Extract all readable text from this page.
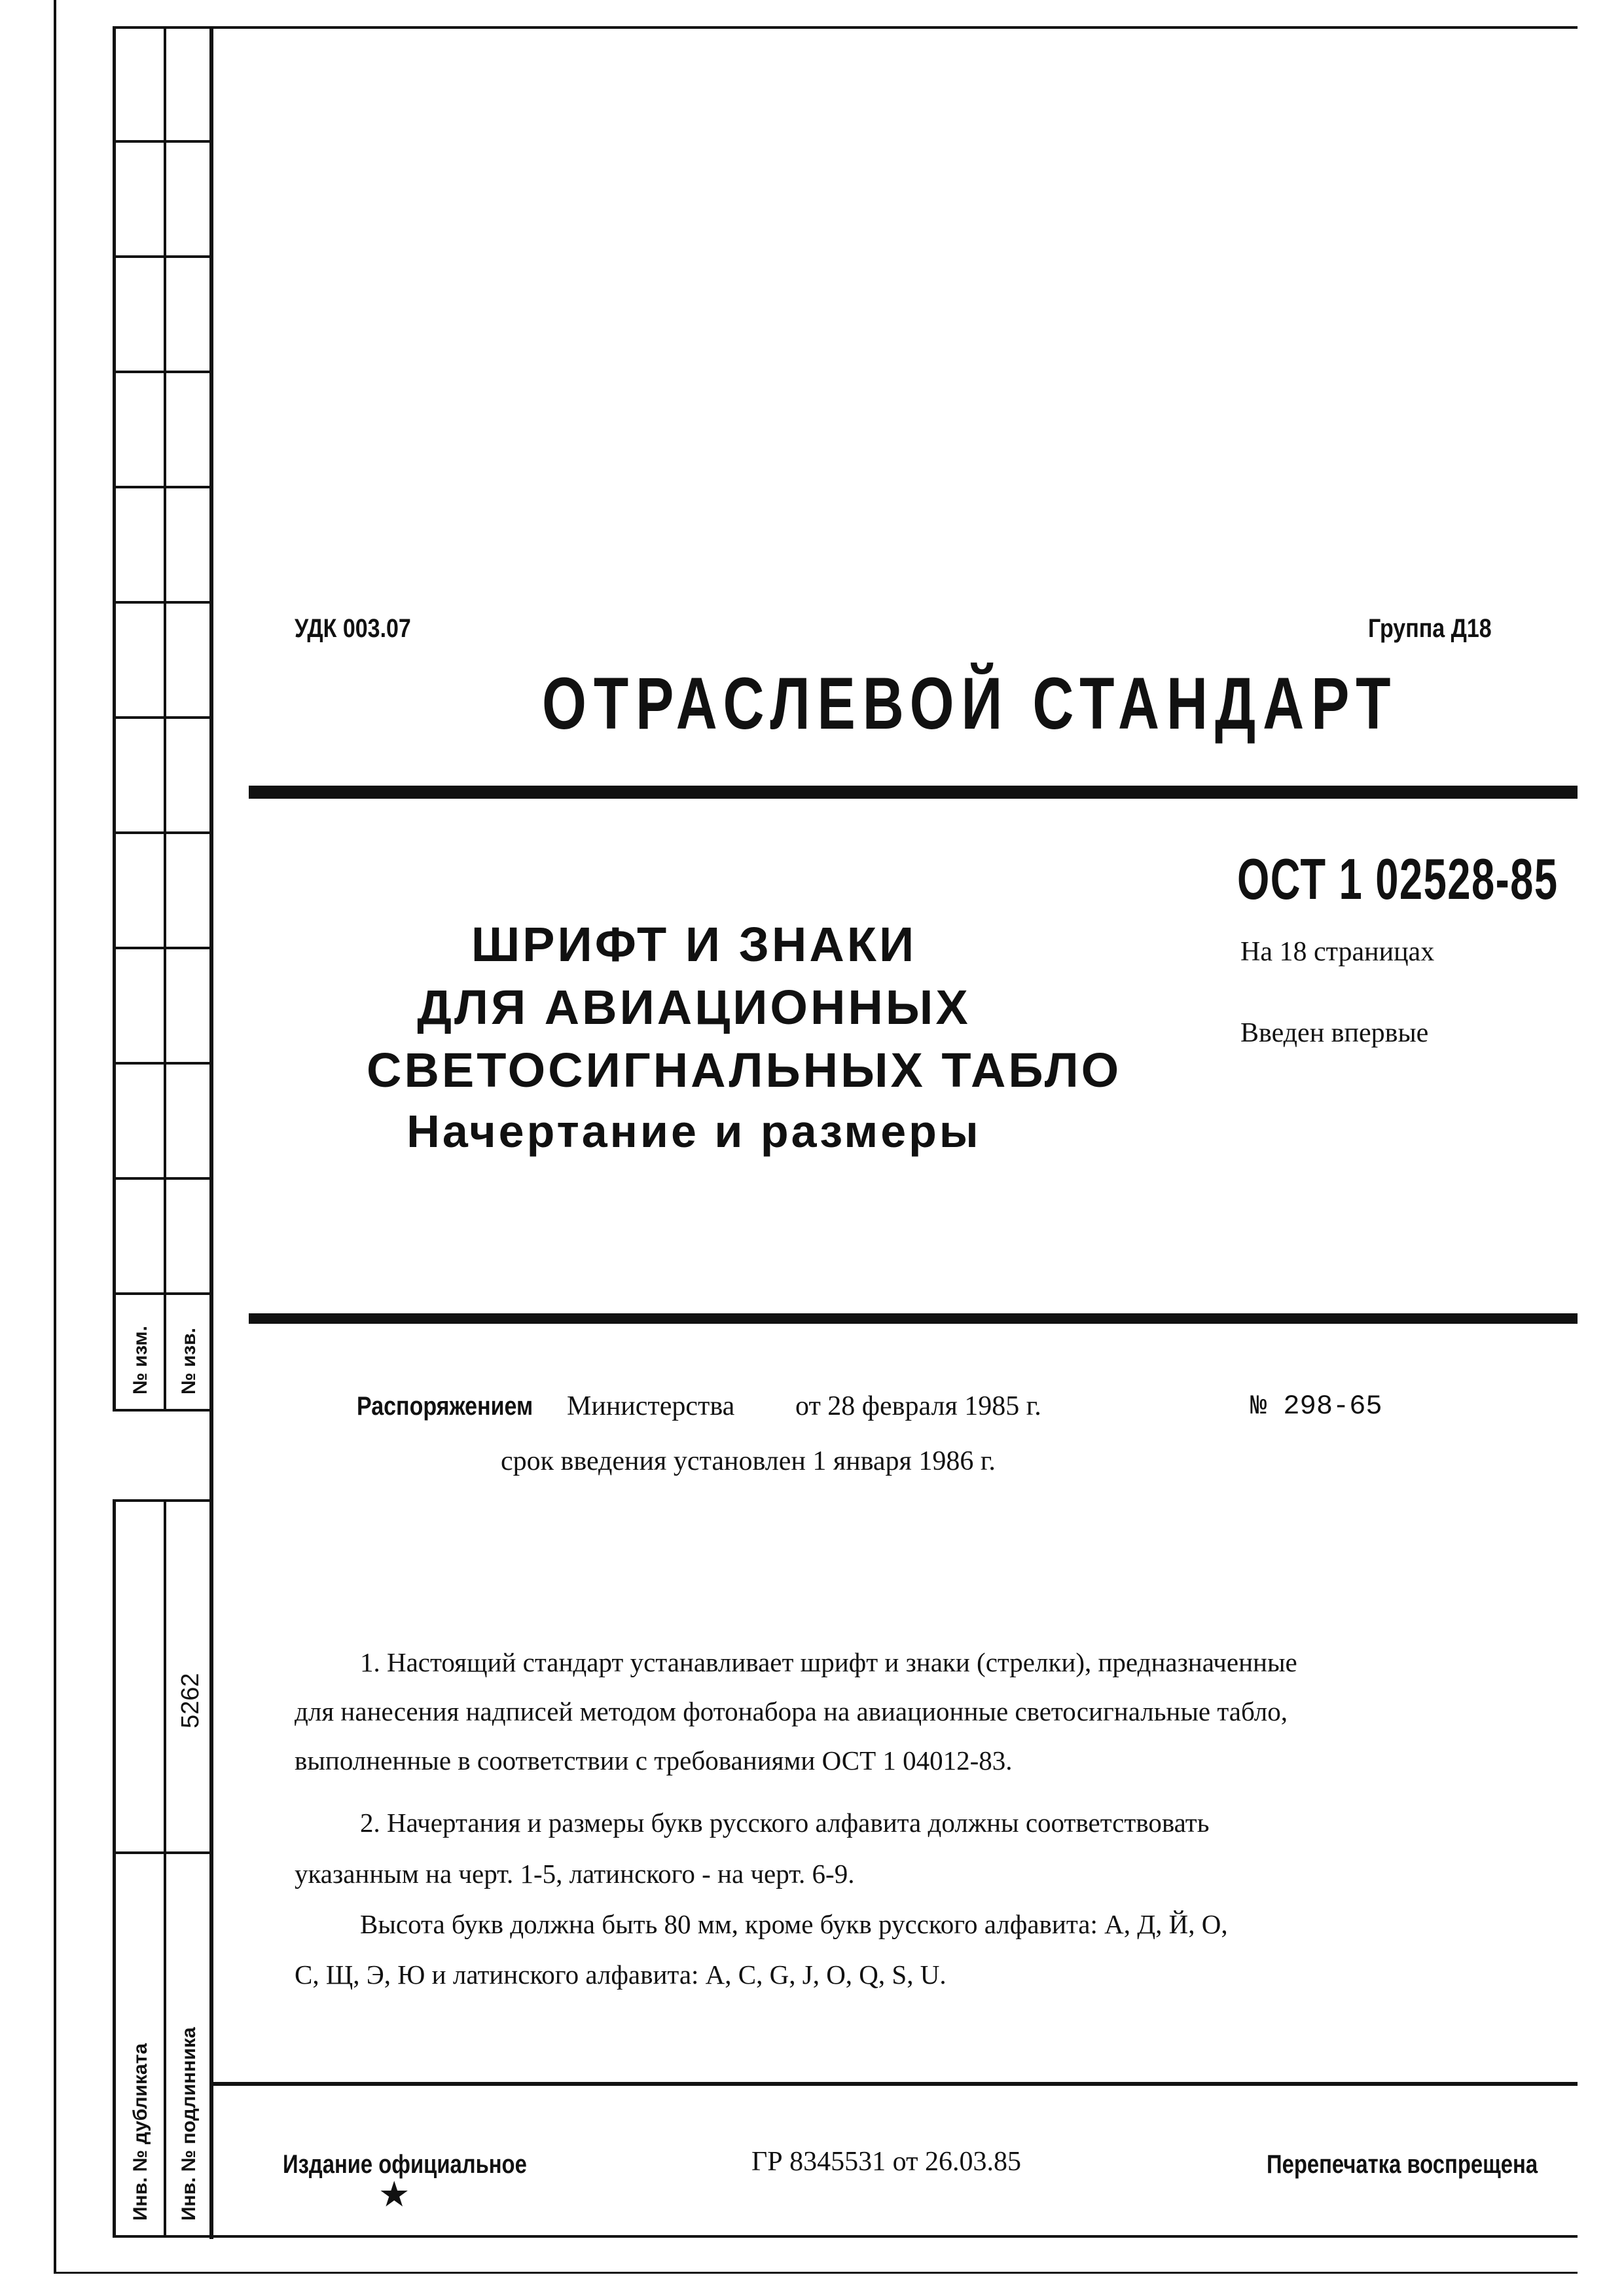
№ изм. № изв.
5262
Инв. № дубликата Инв. № подлинника
УДК 003.07	Группа Д18
ОТРАСЛЕВОЙ СТАНДАРТ
ОСТ 1 02528-85
На 18 страницах
Введен впервые
ШРИФТ И ЗНАКИ
ДЛЯ АВИАЦИОННЫХ
СВЕТОСИГНАЛЬНЫХ ТАБЛО
Начертание и размеры
Распоряжением Министерства от 28 февраля 1985 г.	№ 298-65
срок введения установлен 1 января 1986 г.
1. Настоящий стандарт устанавливает шрифт и знаки (стрелки), предназначенные
для нанесения надписей методом фотонабора на авиационные светосигнальные табло,
выполненные в соответствии с требованиями ОСТ 1 04012-83.
2. Начертания и размеры букв русского алфавита должны соответствовать
указанным на черт. 1-5, латинского - на черт. 6-9.
Высота букв должна быть 80 мм, кроме букв русского алфавита: А, Д, Й, О,
С, Щ, Э, Ю и латинского алфавита: A, C, G, J, O, Q, S, U.
Издание официальное
★
ГР 8345531 от 26.03.85	Перепечатка воспрещена
